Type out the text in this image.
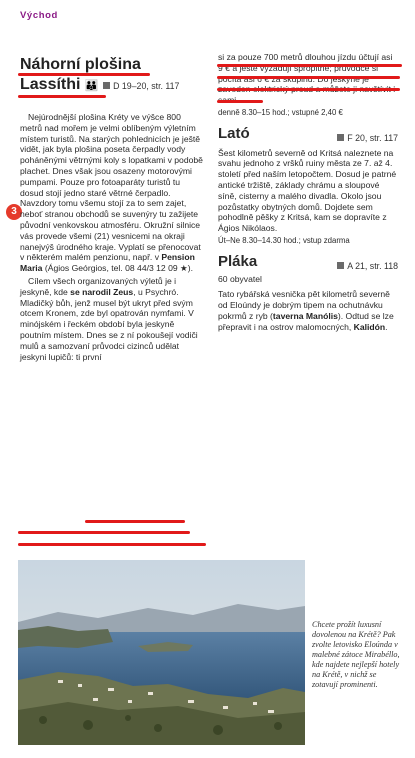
Východ
Náhorní plošina
Lassíthi 👪 D 19–20, str. 117
3

Nejúrodnější plošina Kréty ve výšce 800 metrů nad mořem je velmi oblíbeným výletním místem turistů. Na starých pohlednicích je ještě vidět, jak byla plošina poseta čerpadly vody poháněnými větrnými koly s lopatkami v podobě plachet. Dnes však jsou osazeny motorovými pumpami. Pouze pro fotoaparáty turistů tu dosud stojí jedno staré větrné čerpadlo. Navzdory tomu všemu stojí za to sem zajet, neboť stranou obchodů se suvenýry tu zažijete původní venkovskou atmosféru. Okružní silnice vás provede všemi (21) vesnicemi na okraji nanejvýš úrodného kraje. Vyplatí se přenocovat v některém malém penzionu, např. v Pension Maria (Ágios Geórgios, tel. 08 44/3 12 09 ★).

Cílem všech organizovaných výletů je i jeskyně, kde se narodil Zeus, u Psychró. Mladičký bůh, jenž musel být ukryt před svým otcem Kronem, zde byl opatrován nymfami. V minójském i řeckém období byla jeskyně poutním místem. Dnes se z ní pokoušejí vodiči mulů a samozvaní průvodci cizinců udělat jeskyni lupičů: ti první

si za pouze 700 metrů dlouhou jízdu účtují asi 9 € a ještě vyžadují spropitné; průvodce si počítá asi 6 € za skupinu. Do jeskyně je zaveden elektrický proud a můžete ji navštívit i sami.

denně 8.30–15 hod.; vstupné 2,40 €
Lató	F 20, str. 117

Šest kilometrů severně od Kritsá naleznete na svahu jednoho z vršků ruiny města ze 7. až 4. století před naším letopočtem. Dosud je patrné antické tržiště, základy chrámu a sloupové síně, cisterny a malého divadla. Okolo jsou pozůstatky obytných domů. Dojdete sem pohodlně pěšky z Kritsá, kam se dopravíte z Ágios Nikólaos.

Út–Ne 8.30–14.30 hod.; vstup zdarma
Pláka	A 21, str. 118
60 obyvatel

Tato rybářská vesnička pět kilometrů severně od Eloúndy je dobrým tipem na ochutnávku pokrmů z ryb (taverna Manólis). Odtud se lze přepravit i na ostrov malomocných, Kalidón.

Chcete prožít luxusní dovolenou na Krétě? Pak zvolte letovisko Eloúnda v malebné zátoce Mirabéllo, kde najdete nejlepší hotely na Krétě, v nichž se zotavují prominenti.
